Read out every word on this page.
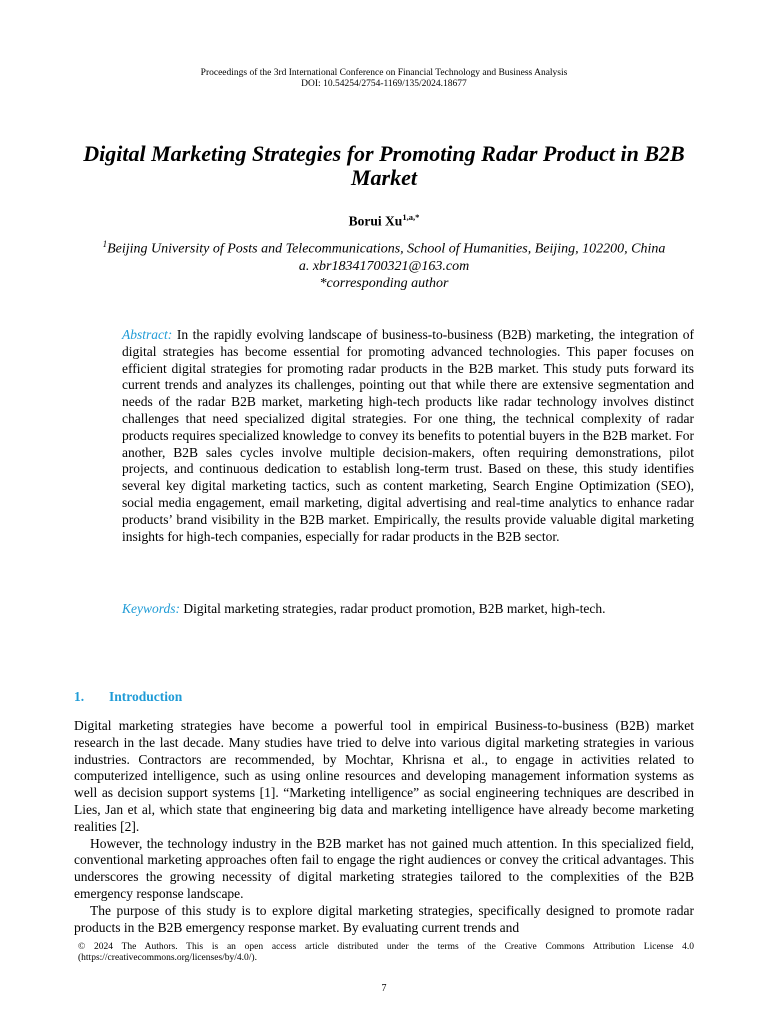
Proceedings of the 3rd International Conference on Financial Technology and Business Analysis
DOI: 10.54254/2754-1169/135/2024.18677
Digital Marketing Strategies for Promoting Radar Product in B2B Market
Borui $Xu^{1,a,*}$
$^1$Beijing University of Posts and Telecommunications, School of Humanities, Beijing, 102200, China
a. xbr18341700321@163.com
*corresponding author

Abstract: In the rapidly evolving landscape of business-to-business (B2B) marketing, the integration of digital strategies has become essential for promoting advanced technologies. This paper focuses on efficient digital strategies for promoting radar products in the B2B market. This study puts forward its current trends and analyzes its challenges, pointing out that while there are extensive segmentation and needs of the radar B2B market, marketing high-tech products like radar technology involves distinct challenges that need specialized digital strategies. For one thing, the technical complexity of radar products requires specialized knowledge to convey its benefits to potential buyers in the B2B market. For another, B2B sales cycles involve multiple decision-makers, often requiring demonstrations, pilot projects, and continuous dedication to establish long-term trust. Based on these, this study identifies several key digital marketing tactics, such as content marketing, Search Engine Optimization (SEO), social media engagement, email marketing, digital advertising and real-time analytics to enhance radar products’ brand visibility in the B2B market. Empirically, the results provide valuable digital marketing insights for high-tech companies, especially for radar products in the B2B sector.

Keywords: Digital marketing strategies, radar product promotion, B2B market, high-tech.

1. Introduction

Digital marketing strategies have become a powerful tool in empirical Business-to-business (B2B) market research in the last decade. Many studies have tried to delve into various digital marketing strategies in various industries. Contractors are recommended, by Mochtar, Khrisna et al., to engage in activities related to computerized intelligence, such as using online resources and developing management information systems as well as decision support systems [1]. “Marketing intelligence” as social engineering techniques are described in Lies, Jan et al, which state that engineering big data and marketing intelligence have already become marketing realities [2].

However, the technology industry in the B2B market has not gained much attention. In this specialized field, conventional marketing approaches often fail to engage the right audiences or convey the critical advantages. This underscores the growing necessity of digital marketing strategies tailored to the complexities of the B2B emergency response landscape.

The purpose of this study is to explore digital marketing strategies, specifically designed to promote radar products in the B2B emergency response market. By evaluating current trends and

© 2024 The Authors. This is an open access article distributed under the terms of the Creative Commons Attribution License 4.0 (https://creativecommons.org/licenses/by/4.0/).
7
